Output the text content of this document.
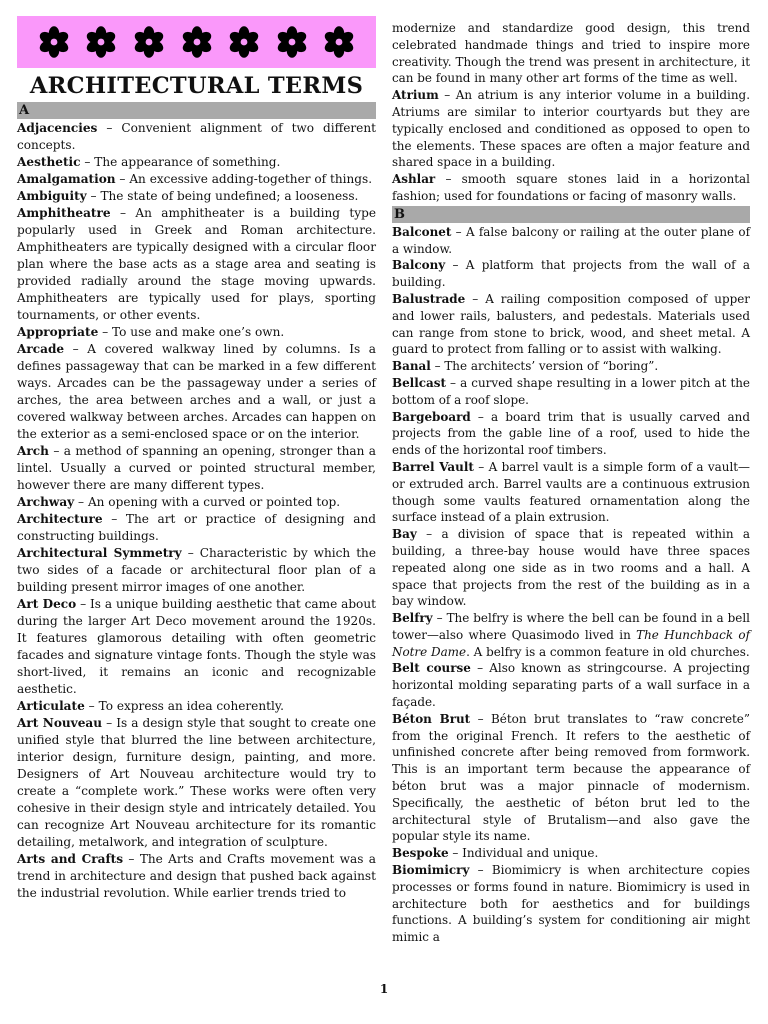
ARCHITECTURAL TERMS
A

Adjacencies – Convenient alignment of two different concepts.

Aesthetic – The appearance of something.

Amalgamation – An excessive adding-together of things.

Ambiguity – The state of being undefined; a looseness.

Amphitheatre – An amphitheater is a building type popularly used in Greek and Roman architecture. Amphitheaters are typically designed with a circular floor plan where the base acts as a stage area and seating is provided radially around the stage moving upwards. Amphitheaters are typically used for plays, sporting tournaments, or other events.

Appropriate – To use and make one’s own.

Arcade – A covered walkway lined by columns. Is a defines passageway that can be marked in a few different ways. Arcades can be the passageway under a series of arches, the area between arches and a wall, or just a covered walkway between arches. Arcades can happen on the exterior as a semi-enclosed space or on the interior.

Arch – a method of spanning an opening, stronger than a lintel. Usually a curved or pointed structural member, however there are many different types.

Archway – An opening with a curved or pointed top.

Architecture – The art or practice of designing and constructing buildings.

Architectural Symmetry – Characteristic by which the two sides of a facade or architectural floor plan of a building present mirror images of one another.

Art Deco – Is a unique building aesthetic that came about during the larger Art Deco movement around the 1920s. It features glamorous detailing with often geometric facades and signature vintage fonts. Though the style was short-lived, it remains an iconic and recognizable aesthetic.

Articulate – To express an idea coherently.

Art Nouveau – Is a design style that sought to create one unified style that blurred the line between architecture, interior design, furniture design, painting, and more. Designers of Art Nouveau architecture would try to create a “complete work.” These works were often very cohesive in their design style and intricately detailed. You can recognize Art Nouveau architecture for its romantic detailing, metalwork, and integration of sculpture.

Arts and Crafts – The Arts and Crafts movement was a trend in architecture and design that pushed back against the industrial revolution. While earlier trends tried to

modernize and standardize good design, this trend celebrated handmade things and tried to inspire more creativity. Though the trend was present in architecture, it can be found in many other art forms of the time as well.

Atrium – An atrium is any interior volume in a building. Atriums are similar to interior courtyards but they are typically enclosed and conditioned as opposed to open to the elements. These spaces are often a major feature and shared space in a building.

Ashlar – smooth square stones laid in a horizontal fashion; used for foundations or facing of masonry walls.

B

Balconet – A false balcony or railing at the outer plane of a window.

Balcony – A platform that projects from the wall of a building.

Balustrade – A railing composition composed of upper and lower rails, balusters, and pedestals. Materials used can range from stone to brick, wood, and sheet metal. A guard to protect from falling or to assist with walking.

Banal – The architects’ version of “boring”.

Bellcast – a curved shape resulting in a lower pitch at the bottom of a roof slope.

Bargeboard – a board trim that is usually carved and projects from the gable line of a roof, used to hide the ends of the horizontal roof timbers.

Barrel Vault – A barrel vault is a simple form of a vault—or extruded arch. Barrel vaults are a continuous extrusion though some vaults featured ornamentation along the surface instead of a plain extrusion.

Bay – a division of space that is repeated within a building, a three-bay house would have three spaces repeated along one side as in two rooms and a hall. A space that projects from the rest of the building as in a bay window.

Belfry – The belfry is where the bell can be found in a bell tower—also where Quasimodo lived in The Hunchback of Notre Dame. A belfry is a common feature in old churches.

Belt course – Also known as stringcourse. A projecting horizontal molding separating parts of a wall surface in a façade.

Béton Brut – Béton brut translates to “raw concrete” from the original French. It refers to the aesthetic of unfinished concrete after being removed from formwork. This is an important term because the appearance of béton brut was a major pinnacle of modernism. Specifically, the aesthetic of béton brut led to the architectural style of Brutalism—and also gave the popular style its name.

Bespoke – Individual and unique.

Biomimicry – Biomimicry is when architecture copies processes or forms found in nature. Biomimicry is used in architecture both for aesthetics and for buildings functions. A building’s system for conditioning air might mimic a

1
